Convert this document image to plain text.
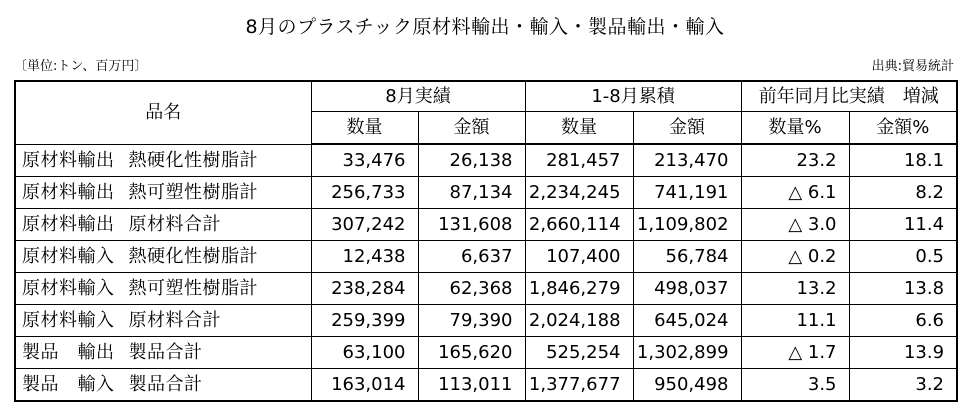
8月のプラスチック原材料輸出・輸入・製品輸出・輸入
〔単位:トン、百万円〕	出典:貿易統計
品名	8月実績		1-8月累積		前年同月比実績　増減	
	数量	金額	数量	金額	数量%	金額%
原材料輸出 熱硬化性樹脂計	33,476	26,138	281,457	213,470	23.2	18.1
原材料輸出 熱可塑性樹脂計	256,733	87,134	2,234,245	741,191	△ 6.1	8.2
原材料輸出 原材料合計	307,242	131,608	2,660,114	1,109,802	△ 3.0	11.4
原材料輸入 熱硬化性樹脂計	12,438	6,637	107,400	56,784	△ 0.2	0.5
原材料輸入 熱可塑性樹脂計	238,284	62,368	1,846,279	498,037	13.2	13.8
原材料輸入 原材料合計	259,399	79,390	2,024,188	645,024	11.1	6.6
製品　輸出 製品合計	63,100	165,620	525,254	1,302,899	△ 1.7	13.9
製品　輸入 製品合計	163,014	113,011	1,377,677	950,498	3.5	3.2
